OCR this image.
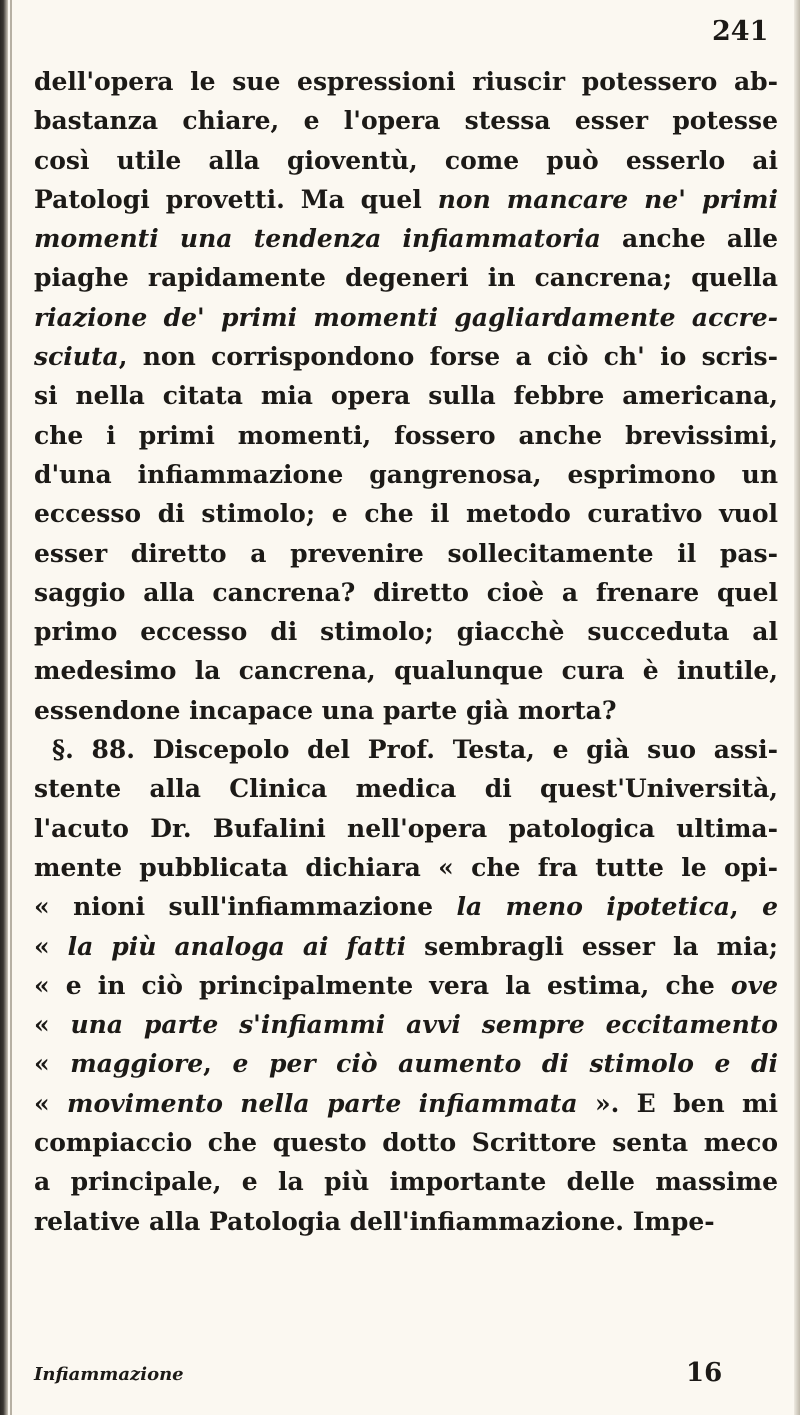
241
dell'opera le sue espressioni riuscir potessero ab-
bastanza chiare, e l'opera stessa esser potesse
così utile alla gioventù, come può esserlo ai
Patologi provetti. Ma quel non mancare ne' primi
momenti una tendenza infiammatoria anche alle
piaghe rapidamente degeneri in cancrena; quella
riazione de' primi momenti gagliardamente accre-
sciuta, non corrispondono forse a ciò ch' io scris-
si nella citata mia opera sulla febbre americana,
che i primi momenti, fossero anche brevissimi,
d'una infiammazione gangrenosa, esprimono un
eccesso di stimolo; e che il metodo curativo vuol
esser diretto a prevenire sollecitamente il pas-
saggio alla cancrena? diretto cioè a frenare quel
primo eccesso di stimolo; giacchè succeduta al
medesimo la cancrena, qualunque cura è inutile,
essendone incapace una parte già morta?
§. 88. Discepolo del Prof. Testa, e già suo assi-
stente alla Clinica medica di quest'Università,
l'acuto Dr. Bufalini nell'opera patologica ultima-
mente pubblicata dichiara « che fra tutte le opi-
« nioni sull'infiammazione la meno ipotetica, e
« la più analoga ai fatti sembragli esser la mia;
« e in ciò principalmente vera la estima, che ove
« una parte s'infiammi avvi sempre eccitamento
« maggiore, e per ciò aumento di stimolo e di
« movimento nella parte infiammata ». E ben mi
compiaccio che questo dotto Scrittore senta meco
a principale, e la più importante delle massime
relative alla Patologia dell'infiammazione. Impe-
Infiammazione	16
